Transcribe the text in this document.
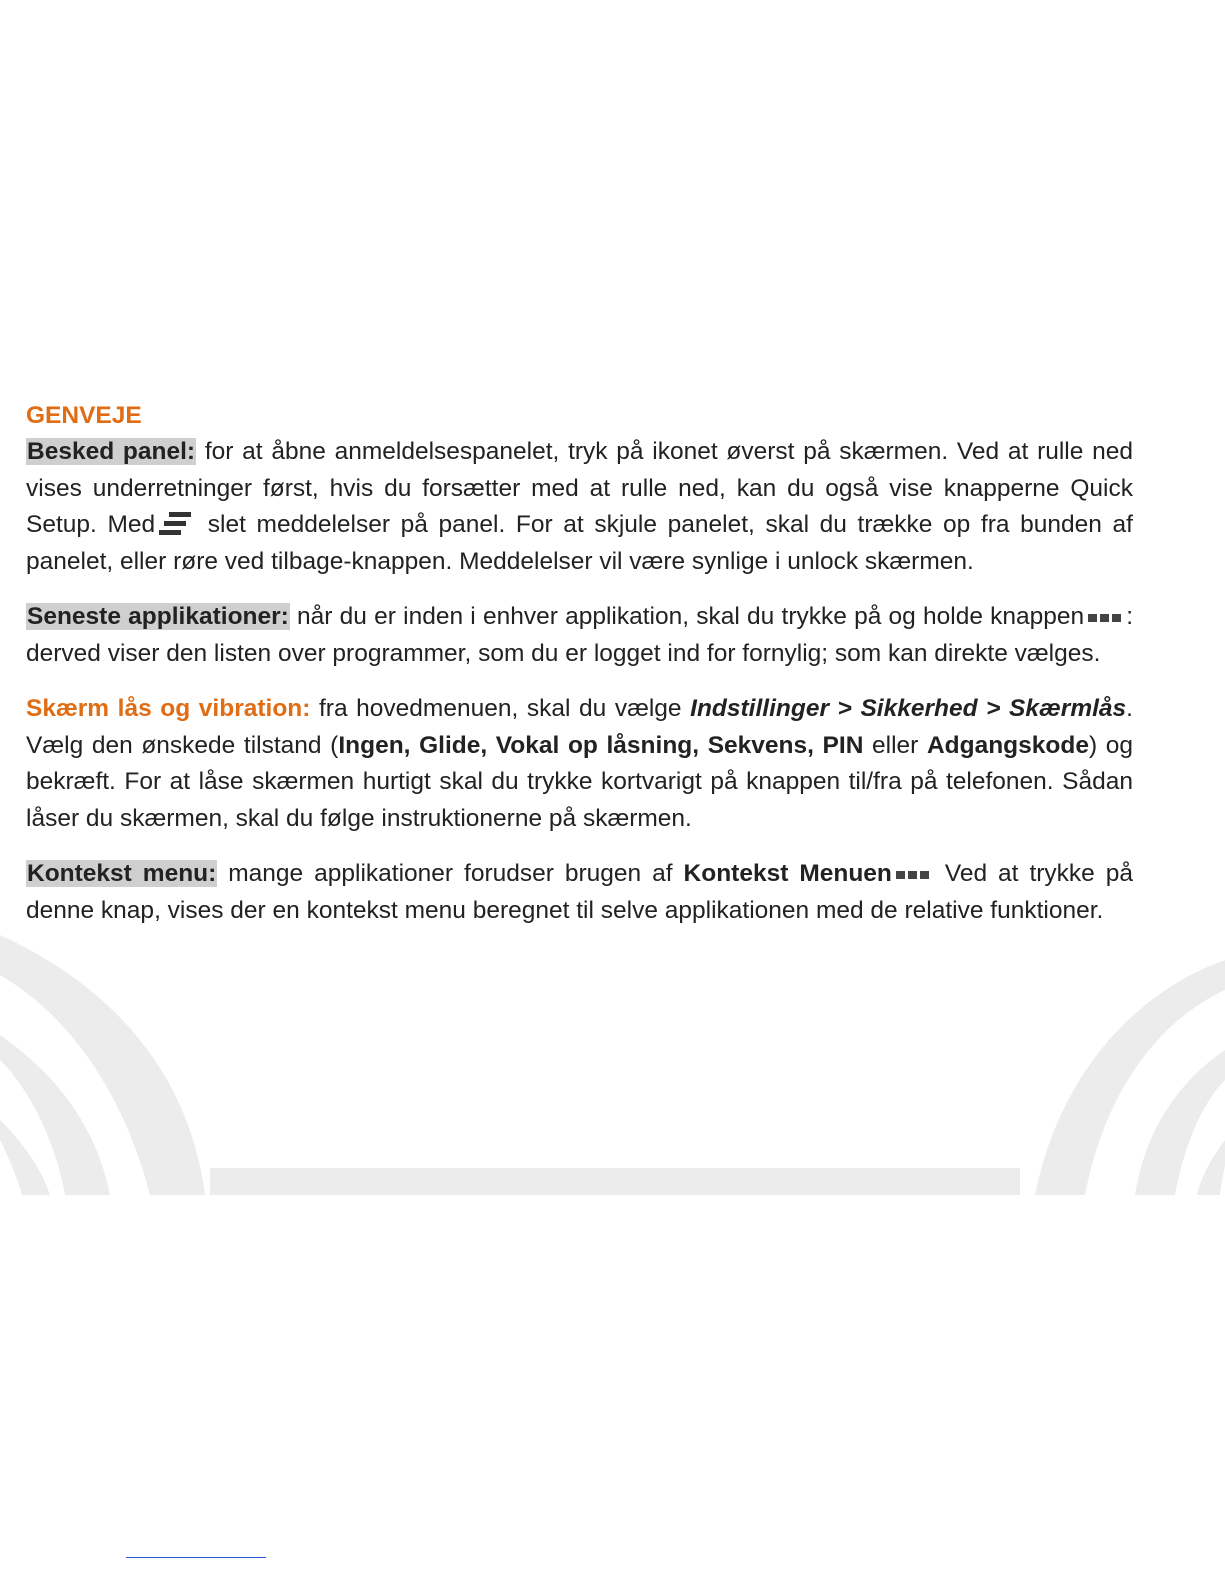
GENVEJE

Besked panel: for at åbne anmeldelsespanelet, tryk på ikonet øverst på skærmen. Ved at rulle ned vises underretninger først, hvis du forsætter med at rulle ned, kan du også vise knapperne Quick Setup. Med slet meddelelser på panel. For at skjule panelet, skal du trække op fra bunden af panelet, eller røre ved tilbage-knappen. Meddelelser vil være synlige i unlock skærmen.

Seneste applikationer: når du er inden i enhver applikation, skal du trykke på og holde knappen : derved viser den listen over programmer, som du er logget ind for fornylig; som kan direkte vælges.

Skærm lås og vibration: fra hovedmenuen, skal du vælge Indstillinger > Sikkerhed > Skærmlås. Vælg den ønskede tilstand (Ingen, Glide, Vokal op låsning, Sekvens, PIN eller Adgangskode) og bekræft. For at låse skærmen hurtigt skal du trykke kortvarigt på knappen til/fra på telefonen. Sådan låser du skærmen, skal du følge instruktionerne på skærmen.

Kontekst menu: mange applikationer forudser brugen af Kontekst Menuen Ved at trykke på denne knap, vises der en kontekst menu beregnet til selve applikationen med de relative funktioner.
